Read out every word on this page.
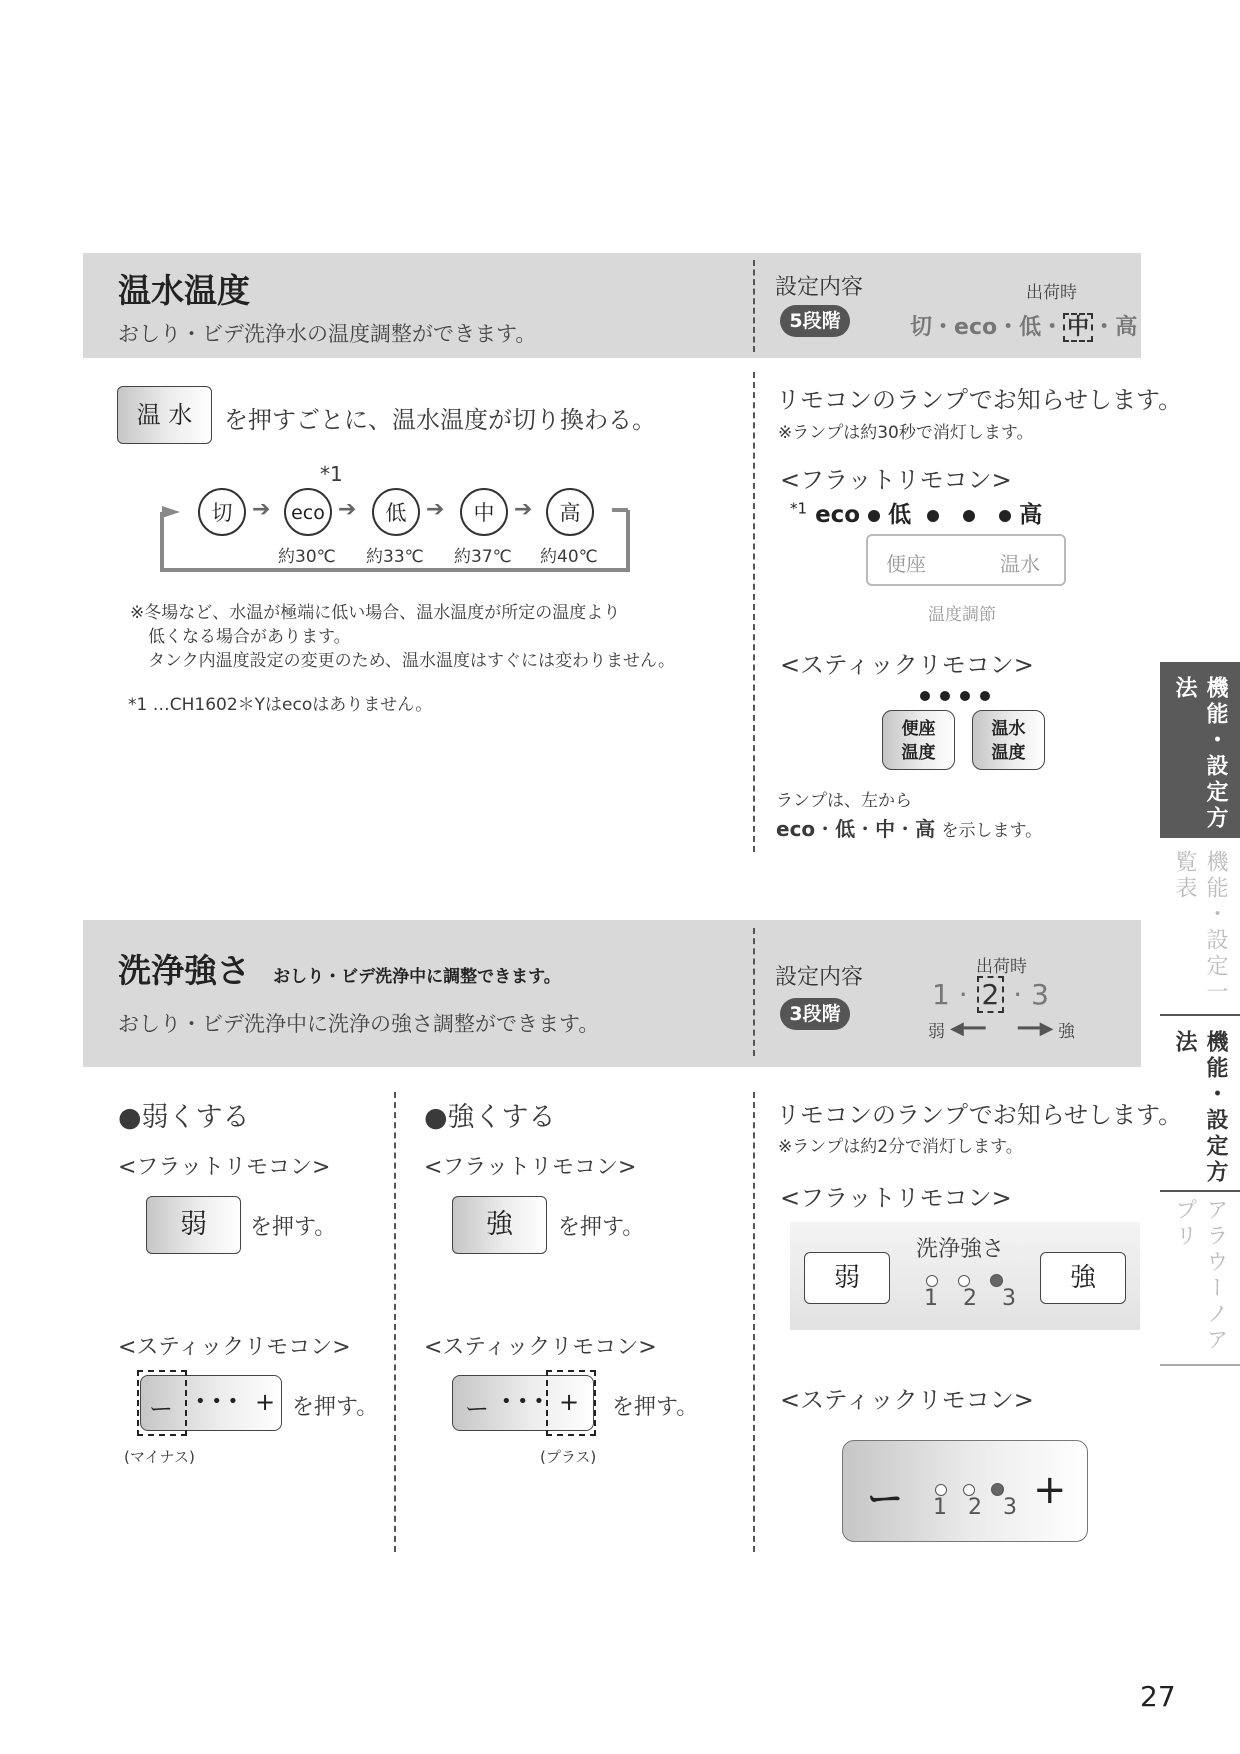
温水温度
おしり・ビデ洗浄水の温度調整ができます。
設定内容
5段階
出荷時
切・eco・低・ 中 ・高
温 水	を押すごとに、温水温度が切り換わる。
*1
切 ➔	eco ➔	低 ➔	中 ➔	高
約30℃ 約33℃ 約37℃ 約40℃
※冬場など、水温が極端に低い場合、温水温度が所定の温度より
低くなる場合があります。
タンク内温度設定の変更のため、温水温度はすぐには変わりません。
*1 …CH1602＊Yはecoはありません。
リモコンのランプでお知らせします。
※ランプは約30秒で消灯します。
<フラットリモコン>
$^{*1}$ eco 低	高
便座	温水
温度調節
<スティックリモコン>
便座
温度
温水
温度
ランプは、左から
eco・低・中・高 を示します。
洗浄強さ おしり・ビデ洗浄中に調整できます。
おしり・ビデ洗浄中に洗浄の強さ調整ができます。
設定内容
3段階
出荷時
1 · 2 · 3
弱 ◀━━ ━━▶ 強
●弱くする
<フラットリモコン>
弱	を押す。
<スティックリモコン>
ー • • • + を押す。
(マイナス)
●強くする
<フラットリモコン>
強	を押す。
<スティックリモコン>
ー • • • + を押す。
(プラス)
リモコンのランプでお知らせします。
※ランプは約2分で消灯します。
<フラットリモコン>
弱
洗浄強さ
1 2 3
強
<スティックリモコン>
ー 1 2 3 +
機能・設定方法
機能・設定一覧表
機能・設定方法
アラウーノアプリ
27
